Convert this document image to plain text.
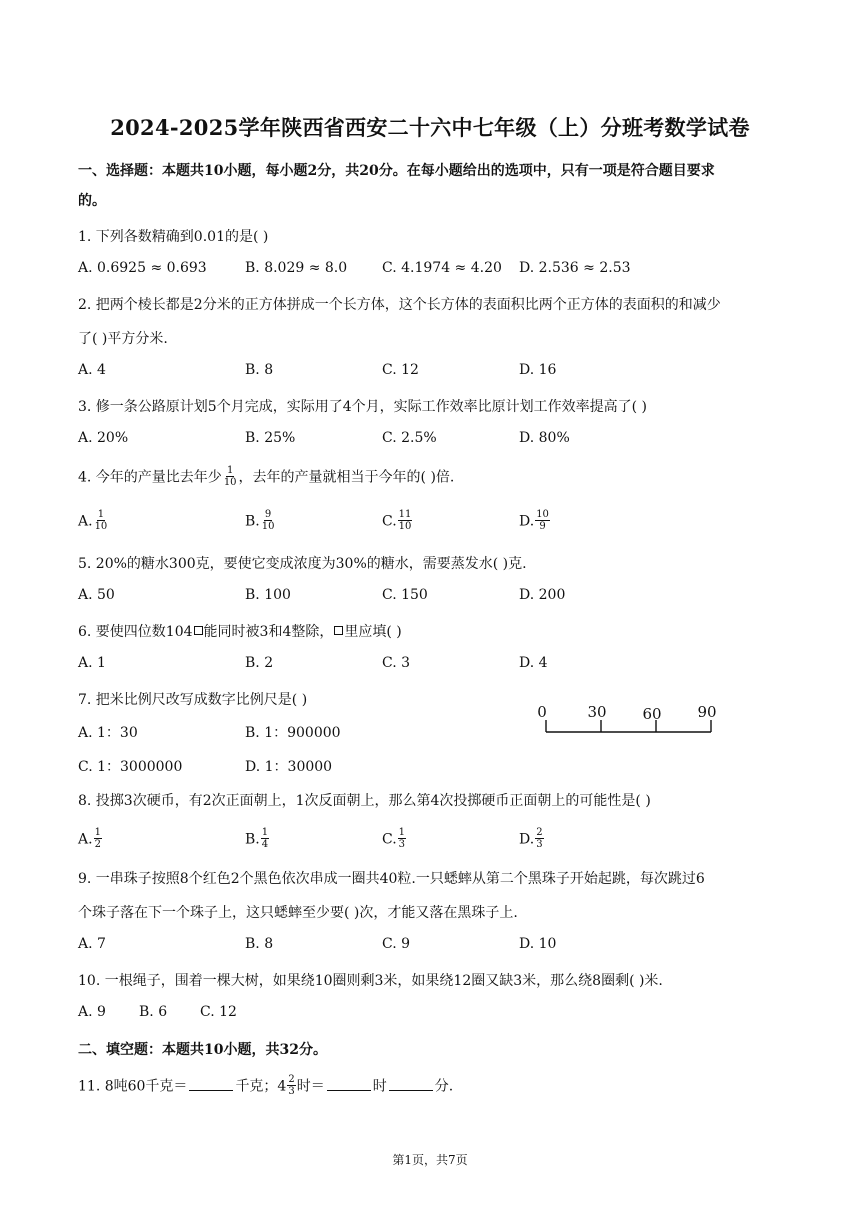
2024-2025学年陕西省西安二十六中七年级（上）分班考数学试卷
一、选择题：本题共10小题，每小题2分，共20分。在每小题给出的选项中，只有一项是符合题目要求
的。
1. 下列各数精确到0.01的是( )
A. 0.6925 ≈ 0.693	B. 8.029 ≈ 8.0 C. 4.1974 ≈ 4.20 D. 2.536 ≈ 2.53
2. 把两个棱长都是2分米的正方体拼成一个长方体，这个长方体的表面积比两个正方体的表面积的和减少
了( )平方分米.
A. 4	B. 8	C. 12	D. 16
3. 修一条公路原计划5个月完成，实际用了4个月，实际工作效率比原计划工作效率提高了( )
A. 20%	B. 25%	C. 2.5%	D. 80%
4. 今年的产量比去年少 $\frac{1}{10}$ ，去年的产量就相当于今年的( )倍.
A. $\frac{1}{10}$	B. $\frac{9}{10}$	C. $\frac{11}{10}$	D. $\frac{10}{9}$
5. 20%的糖水300克，要使它变成浓度为30%的糖水，需要蒸发水( )克.
A. 50	B. 100	C. 150	D. 200
6. 要使四位数104 能同时被3和4整除， 里应填( )
A. 1	B. 2	C. 3	D. 4
7. 把米比例尺改写成数字比例尺是( )
0	30 60 90
A. 1：30	B. 1：900000
C. 1：3000000	D. 1：30000
8. 投掷3次硬币，有2次正面朝上，1次反面朝上，那么第4次投掷硬币正面朝上的可能性是( )
A. $\frac{1}{2}$	B. $\frac{1}{4}$	C. $\frac{1}{3}$	D. $\frac{2}{3}$
9. 一串珠子按照8个红色2个黑色依次串成一圈共40粒.一只蟋蟀从第二个黑珠子开始起跳，每次跳过6
个珠子落在下一个珠子上，这只蟋蟀至少要( )次，才能又落在黑珠子上.
A. 7	B. 8	C. 9	D. 10
10. 一根绳子，围着一棵大树，如果绕10圈则剩3米，如果绕12圈又缺3米，那么绕8圈剩( )米.
A. 9 B. 6 C. 12
二、填空题：本题共10小题，共32分。
11. 8吨60千克＝	千克；$4 \frac{2}{3}$ 时＝	时	分.
第1页，共7页
